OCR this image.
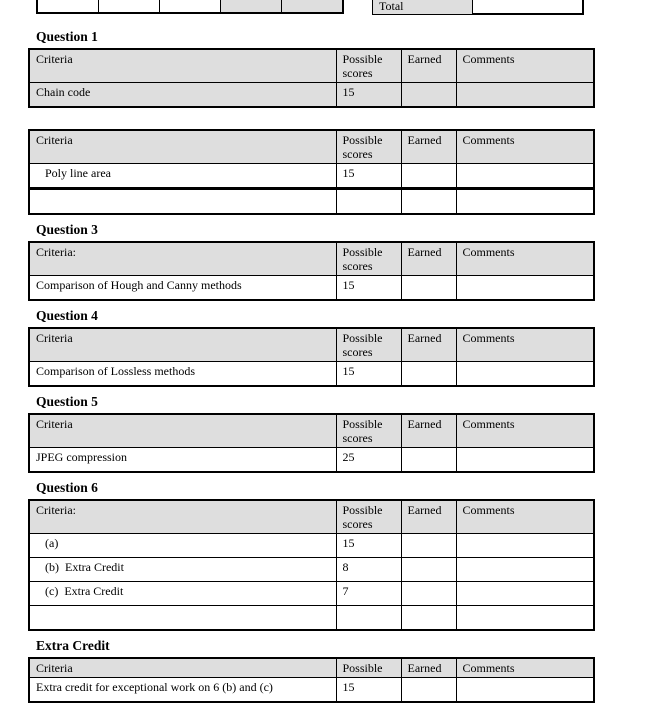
Total
Question 1
Criteria	Possible scores	Earned	Comments
Chain code	15		
Criteria	Possible scores	Earned	Comments
Poly line area	15		

Question 3
Criteria:	Possible scores	Earned	Comments
Comparison of Hough and Canny methods	15		
Question 4
Criteria	Possible scores	Earned	Comments
Comparison of Lossless methods	15		
Question 5
Criteria	Possible scores	Earned	Comments
JPEG compression	25		
Question 6
Criteria:	Possible scores	Earned	Comments
(a)	15		
(b)  Extra Credit	8		
(c)  Extra Credit	7		

Extra Credit
Criteria	Possible	Earned	Comments
Extra credit for exceptional work on 6 (b) and (c)	15		
